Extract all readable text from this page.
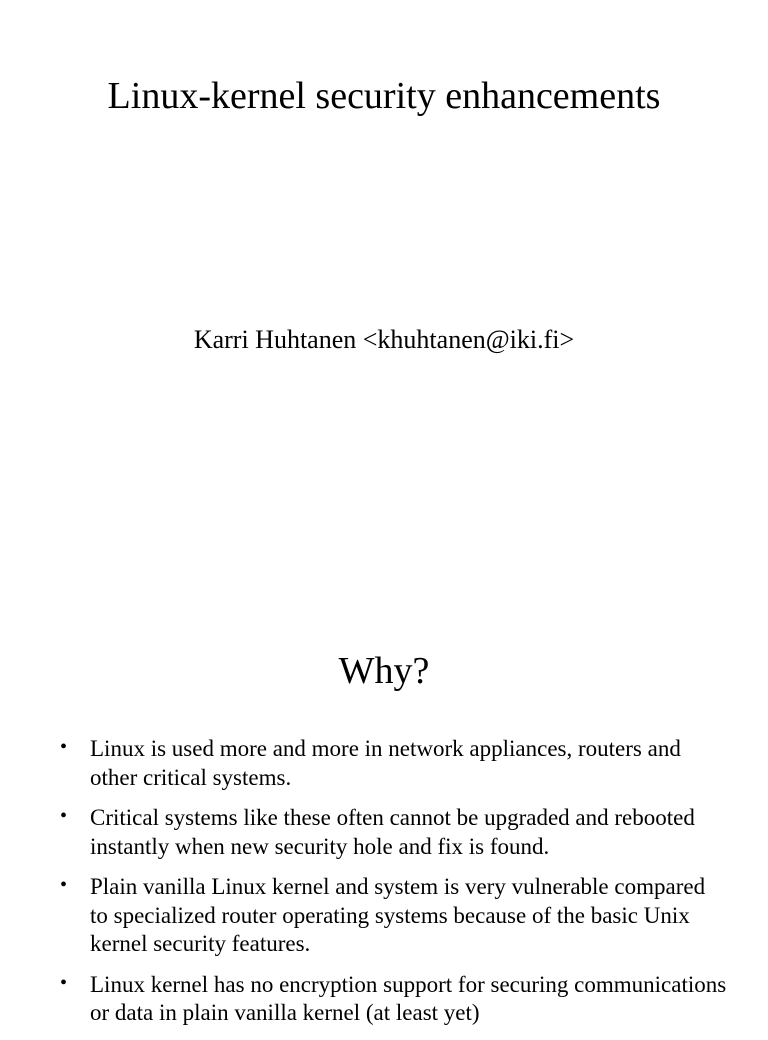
Linux-kernel security enhancements

Karri Huhtanen <khuhtanen@iki.fi>

Why?
• Linux is used more and more in network appliances, routers and other critical systems.
• Critical systems like these often cannot be upgraded and rebooted instantly when new security hole and fix is found.
• Plain vanilla Linux kernel and system is very vulnerable compared to specialized router operating systems because of the basic Unix kernel security features.
• Linux kernel has no encryption support for securing communications or data in plain vanilla kernel (at least yet)
